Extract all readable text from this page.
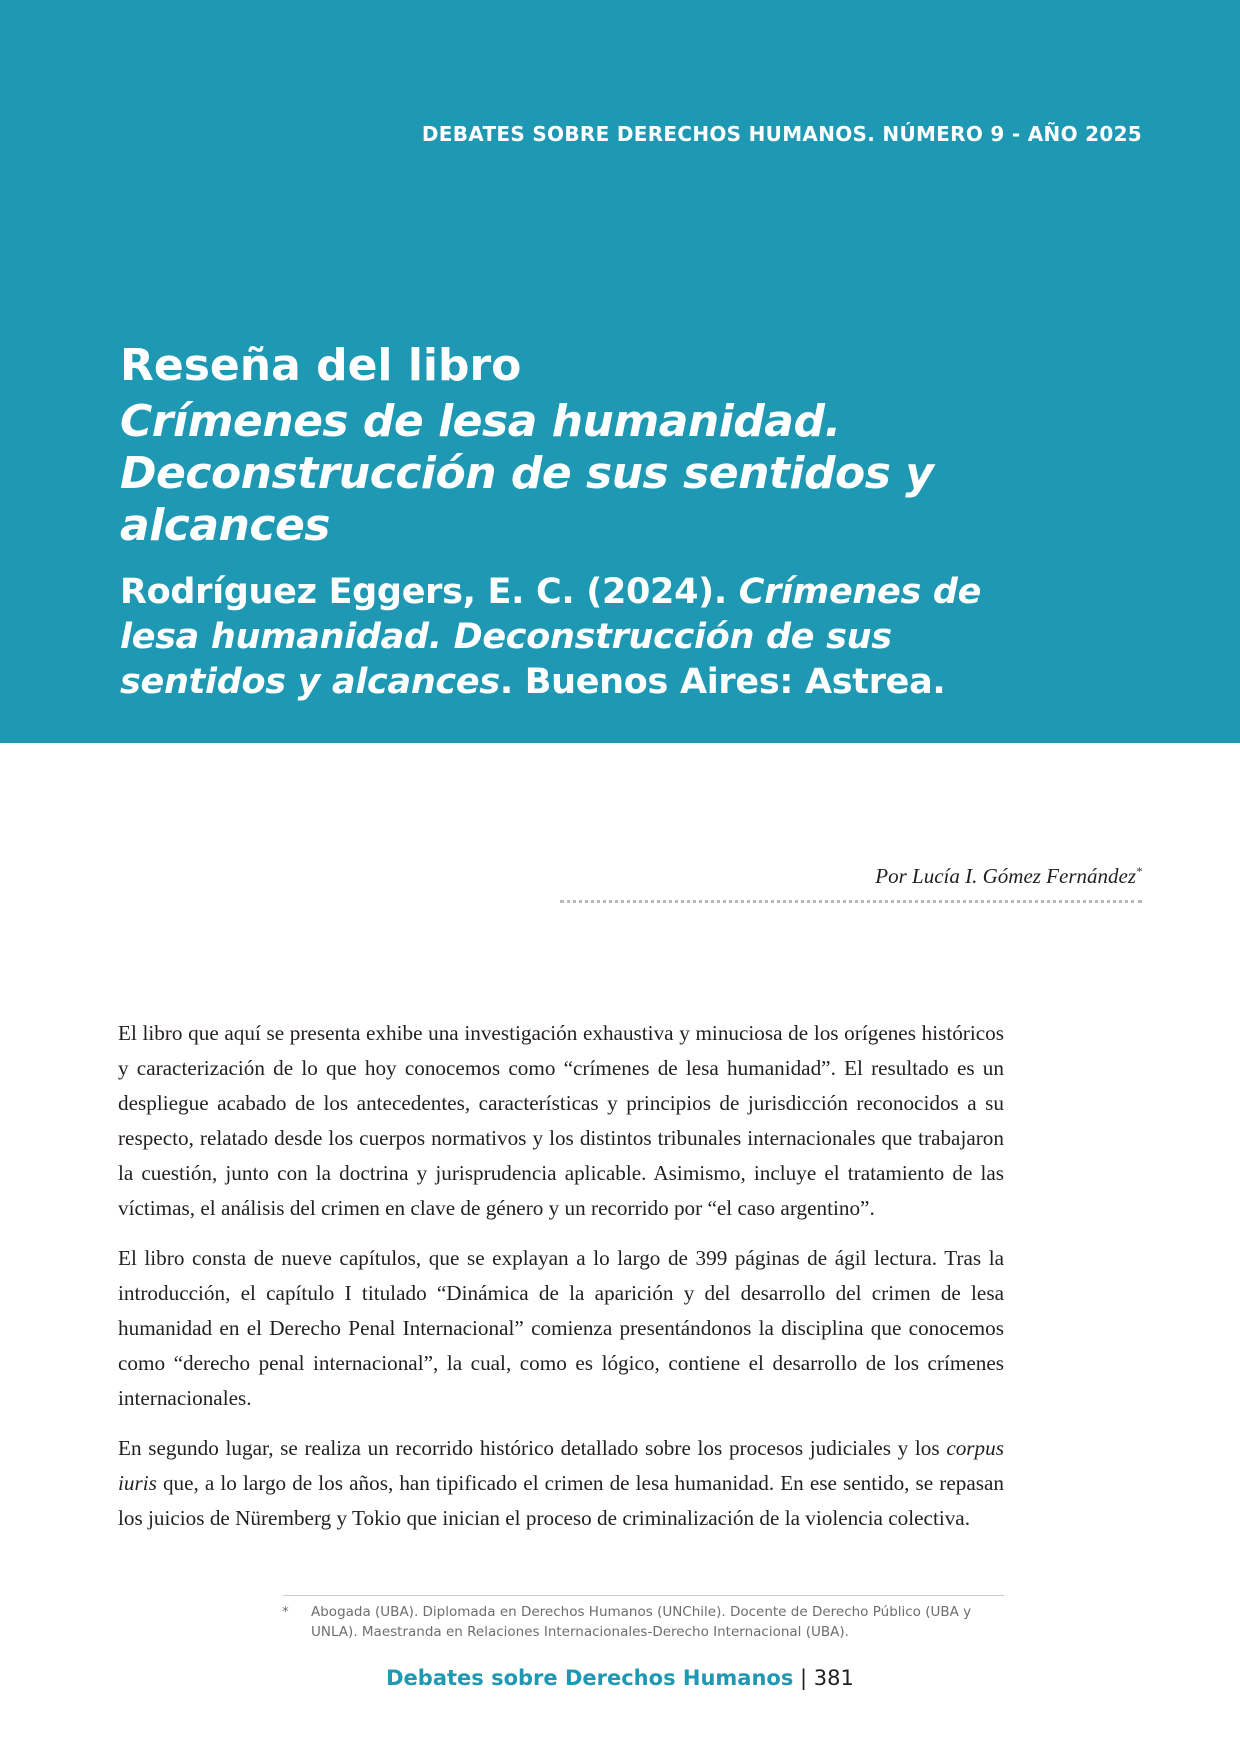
DEBATES SOBRE DERECHOS HUMANOS. NÚMERO 9 - AÑO 2025
Reseña del libro
Crímenes de lesa humanidad.
Deconstrucción de sus sentidos y
alcances

Rodríguez Eggers, E. C. (2024). Crímenes de lesa humanidad. Deconstrucción de sus sentidos y alcances. Buenos Aires: Astrea.

Por Lucía I. Gómez Fernández*

El libro que aquí se presenta exhibe una investigación exhaustiva y minuciosa de los orígenes históricos y caracterización de lo que hoy conocemos como “crímenes de lesa humanidad”. El resultado es un despliegue acabado de los antecedentes, características y principios de jurisdicción reconocidos a su respecto, relatado desde los cuerpos normativos y los distintos tribunales internacionales que trabajaron la cuestión, junto con la doctrina y jurisprudencia aplicable. Asimismo, incluye el tratamiento de las víctimas, el análisis del crimen en clave de género y un recorrido por “el caso argentino”.

El libro consta de nueve capítulos, que se explayan a lo largo de 399 páginas de ágil lectura. Tras la introducción, el capítulo I titulado “Dinámica de la aparición y del desarrollo del crimen de lesa humanidad en el Derecho Penal Internacional” comienza presentándonos la disciplina que conocemos como “derecho penal internacional”, la cual, como es lógico, contiene el desarrollo de los crímenes internacionales.

En segundo lugar, se realiza un recorrido histórico detallado sobre los procesos judiciales y los corpus iuris que, a lo largo de los años, han tipificado el crimen de lesa humanidad. En ese sentido, se repasan los juicios de Nüremberg y Tokio que inician el proceso de criminalización de la violencia colectiva.

*	Abogada (UBA). Diplomada en Derechos Humanos (UNChile). Docente de Derecho Público (UBA y UNLA). Maestranda en Relaciones Internacionales-Derecho Internacional (UBA).
Debates sobre Derechos Humanos | 381
